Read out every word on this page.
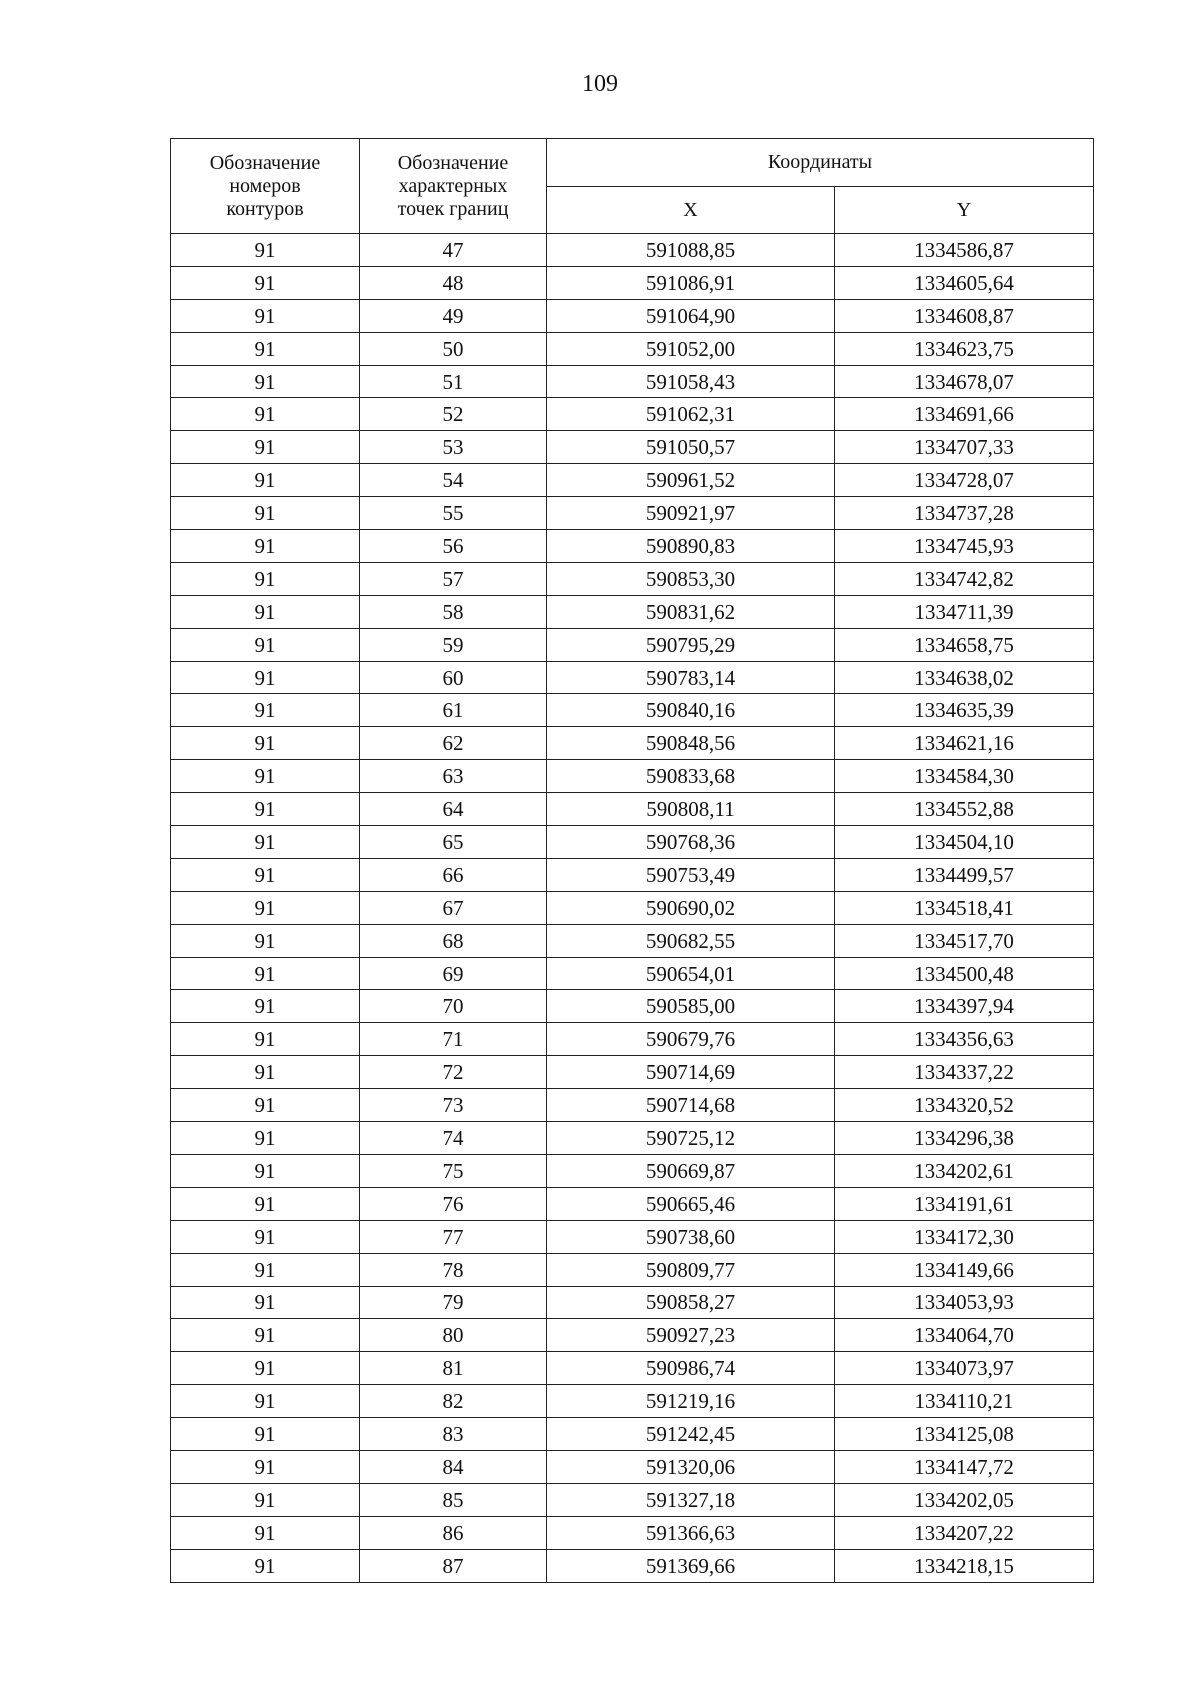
109
Обозначение
номеров
контуров	Обозначение
характерных
точек границ	Координаты	
		X	Y
91	47	591088,85	1334586,87
91	48	591086,91	1334605,64
91	49	591064,90	1334608,87
91	50	591052,00	1334623,75
91	51	591058,43	1334678,07
91	52	591062,31	1334691,66
91	53	591050,57	1334707,33
91	54	590961,52	1334728,07
91	55	590921,97	1334737,28
91	56	590890,83	1334745,93
91	57	590853,30	1334742,82
91	58	590831,62	1334711,39
91	59	590795,29	1334658,75
91	60	590783,14	1334638,02
91	61	590840,16	1334635,39
91	62	590848,56	1334621,16
91	63	590833,68	1334584,30
91	64	590808,11	1334552,88
91	65	590768,36	1334504,10
91	66	590753,49	1334499,57
91	67	590690,02	1334518,41
91	68	590682,55	1334517,70
91	69	590654,01	1334500,48
91	70	590585,00	1334397,94
91	71	590679,76	1334356,63
91	72	590714,69	1334337,22
91	73	590714,68	1334320,52
91	74	590725,12	1334296,38
91	75	590669,87	1334202,61
91	76	590665,46	1334191,61
91	77	590738,60	1334172,30
91	78	590809,77	1334149,66
91	79	590858,27	1334053,93
91	80	590927,23	1334064,70
91	81	590986,74	1334073,97
91	82	591219,16	1334110,21
91	83	591242,45	1334125,08
91	84	591320,06	1334147,72
91	85	591327,18	1334202,05
91	86	591366,63	1334207,22
91	87	591369,66	1334218,15
